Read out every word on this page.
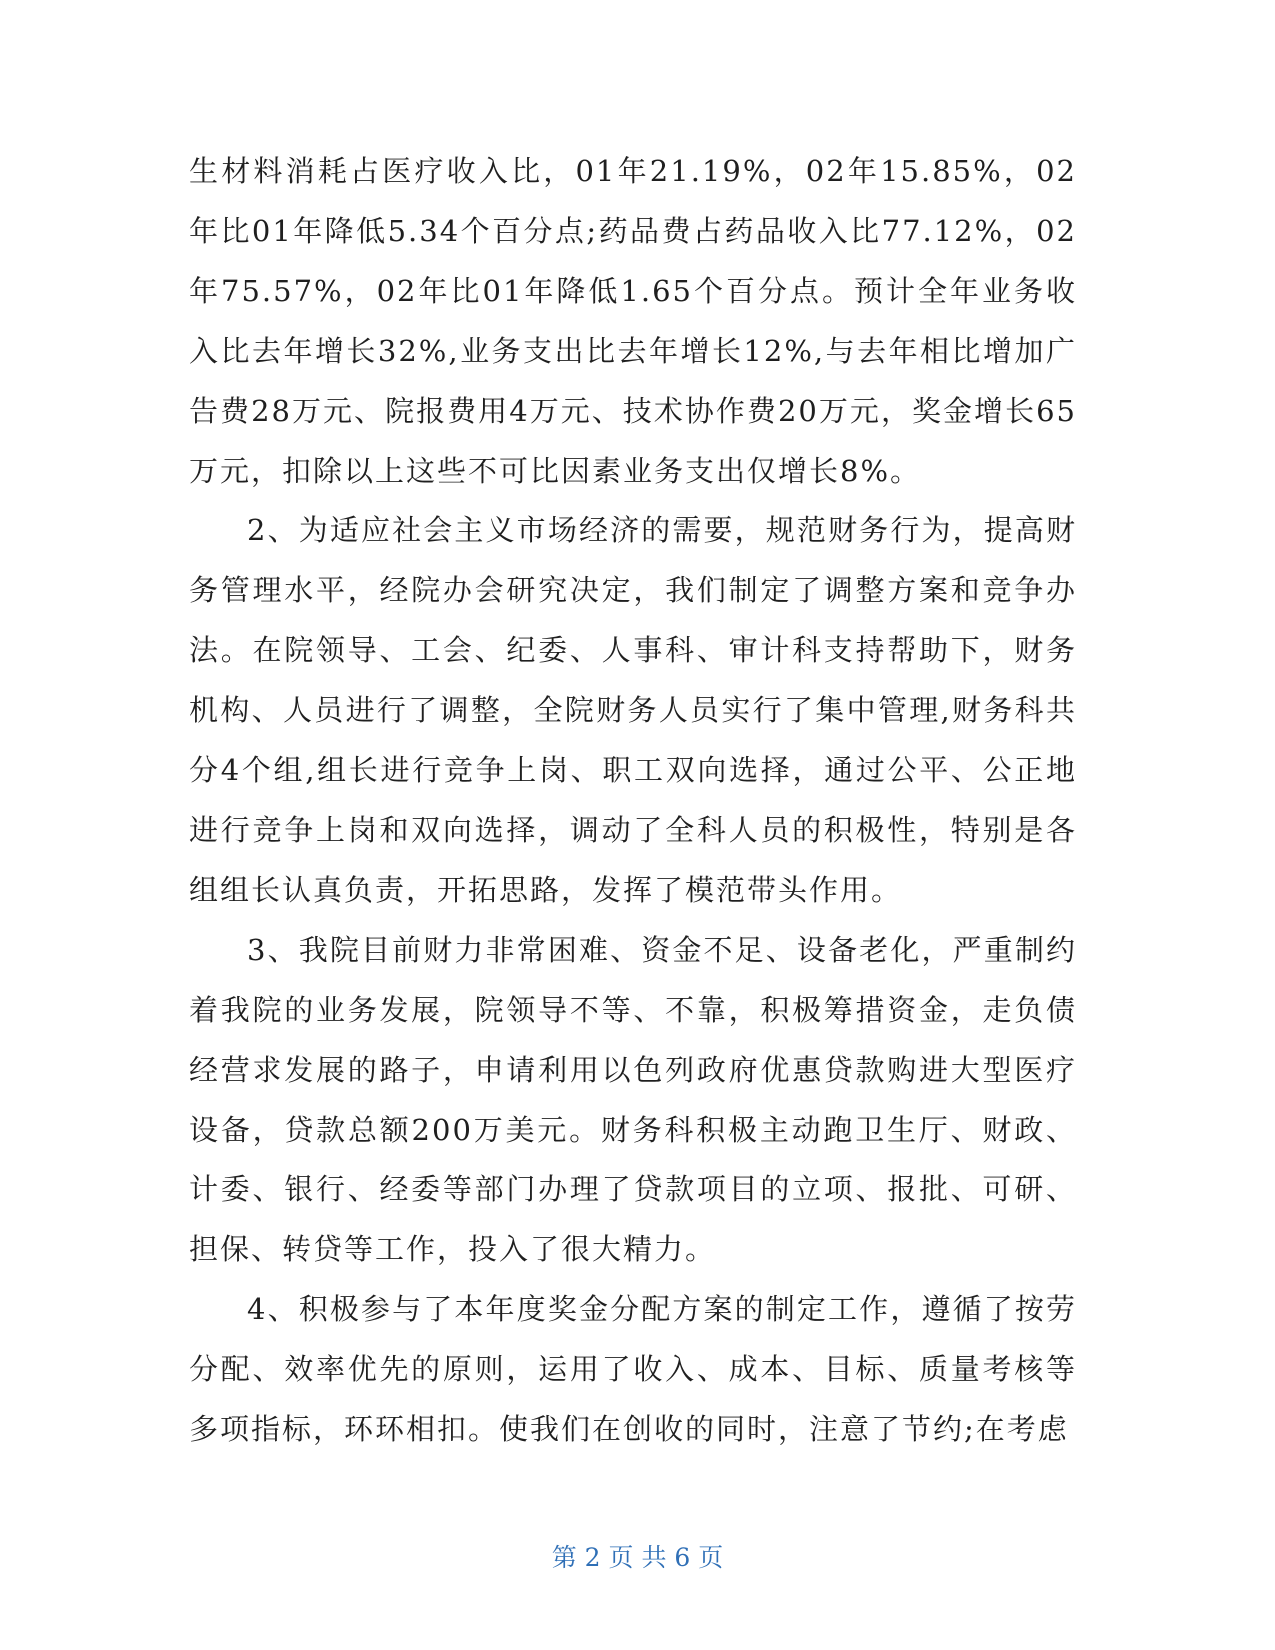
生材料消耗占医疗收入比，01年21.19%，02年15.85%，02年比01年降低5.34个百分点;药品费占药品收入比77.12%，02年75.57%，02年比01年降低1.65个百分点。预计全年业务收入比去年增长32%,业务支出比去年增长12%,与去年相比增加广告费28万元、院报费用4万元、技术协作费20万元，奖金增长65万元，扣除以上这些不可比因素业务支出仅增长8%。

2、为适应社会主义市场经济的需要，规范财务行为，提高财务管理水平，经院办会研究决定，我们制定了调整方案和竞争办法。在院领导、工会、纪委、人事科、审计科支持帮助下，财务机构、人员进行了调整，全院财务人员实行了集中管理,财务科共分4个组,组长进行竞争上岗、职工双向选择，通过公平、公正地进行竞争上岗和双向选择，调动了全科人员的积极性，特别是各组组长认真负责，开拓思路，发挥了模范带头作用。

3、我院目前财力非常困难、资金不足、设备老化，严重制约着我院的业务发展，院领导不等、不靠，积极筹措资金，走负债经营求发展的路子，申请利用以色列政府优惠贷款购进大型医疗设备，贷款总额200万美元。财务科积极主动跑卫生厅、财政、计委、银行、经委等部门办理了贷款项目的立项、报批、可研、担保、转贷等工作，投入了很大精力。

4、积极参与了本年度奖金分配方案的制定工作，遵循了按劳分配、效率优先的原则，运用了收入、成本、目标、质量考核等多项指标，环环相扣。使我们在创收的同时，注意了节约;在考虑

第 2 页 共 6 页
